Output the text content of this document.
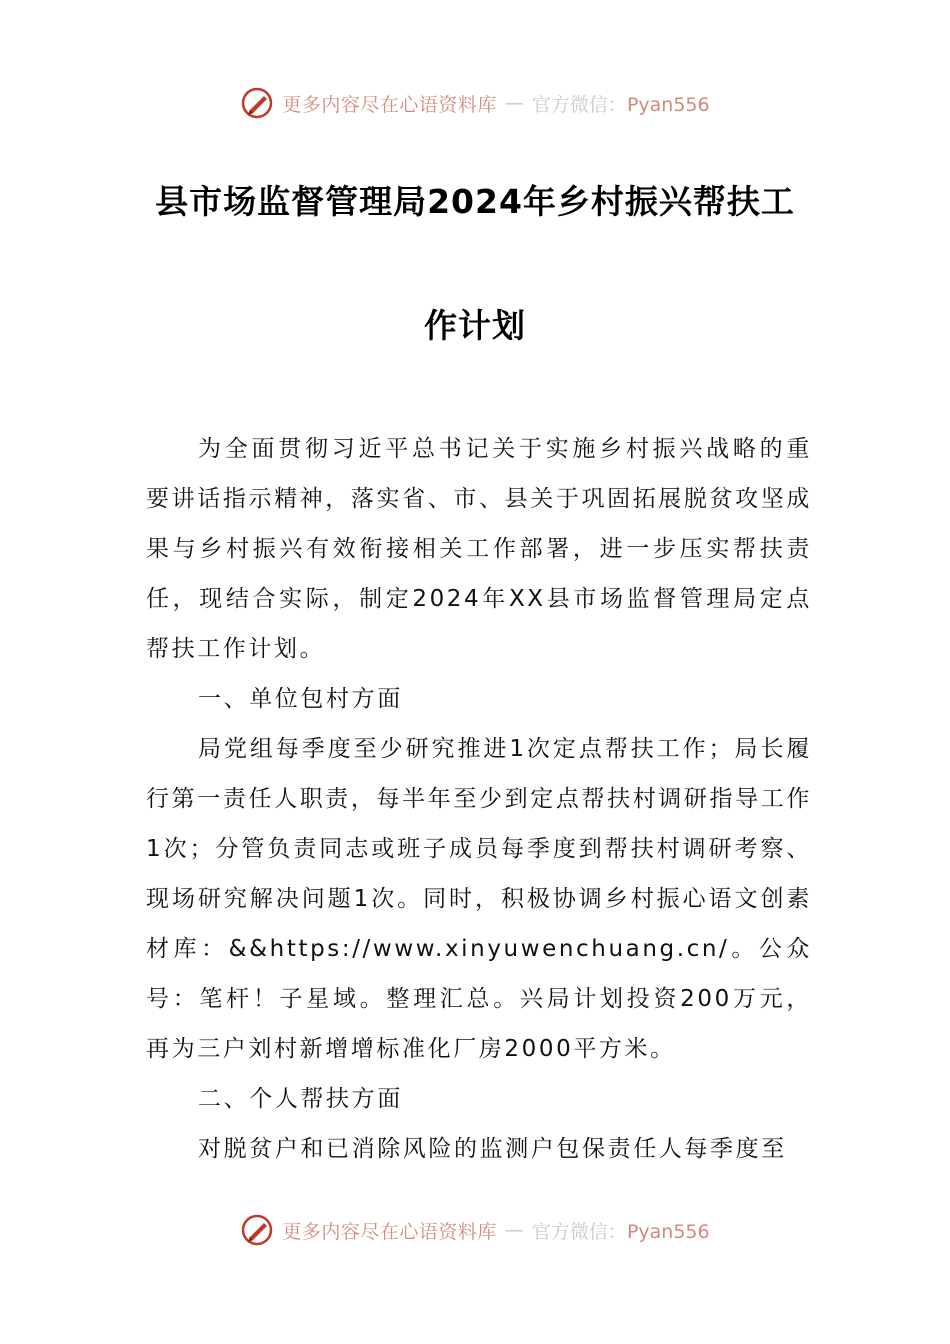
更多内容尽在心语资料库 — 官方微信：Pyan556
县市场监督管理局2024年乡村振兴帮扶工
作计划

为全面贯彻习近平总书记关于实施乡村振兴战略的重要讲话指示精神，落实省、市、县关于巩固拓展脱贫攻坚成果与乡村振兴有效衔接相关工作部署，进一步压实帮扶责任，现结合实际，制定2024年XX县市场监督管理局定点帮扶工作计划。

一、单位包村方面

局党组每季度至少研究推进1次定点帮扶工作；局长履行第一责任人职责，每半年至少到定点帮扶村调研指导工作1次；分管负责同志或班子成员每季度到帮扶村调研考察、现场研究解决问题1次。同时，积极协调乡村振心语文创素材库：&&https://www.xinyuwenchuang.cn/。公众号：笔杆！子星域。整理汇总。兴局计划投资200万元，再为三户刘村新增增标准化厂房2000平方米。

二、个人帮扶方面

对脱贫户和已消除风险的监测户包保责任人每季度至

更多内容尽在心语资料库 — 官方微信：Pyan556
